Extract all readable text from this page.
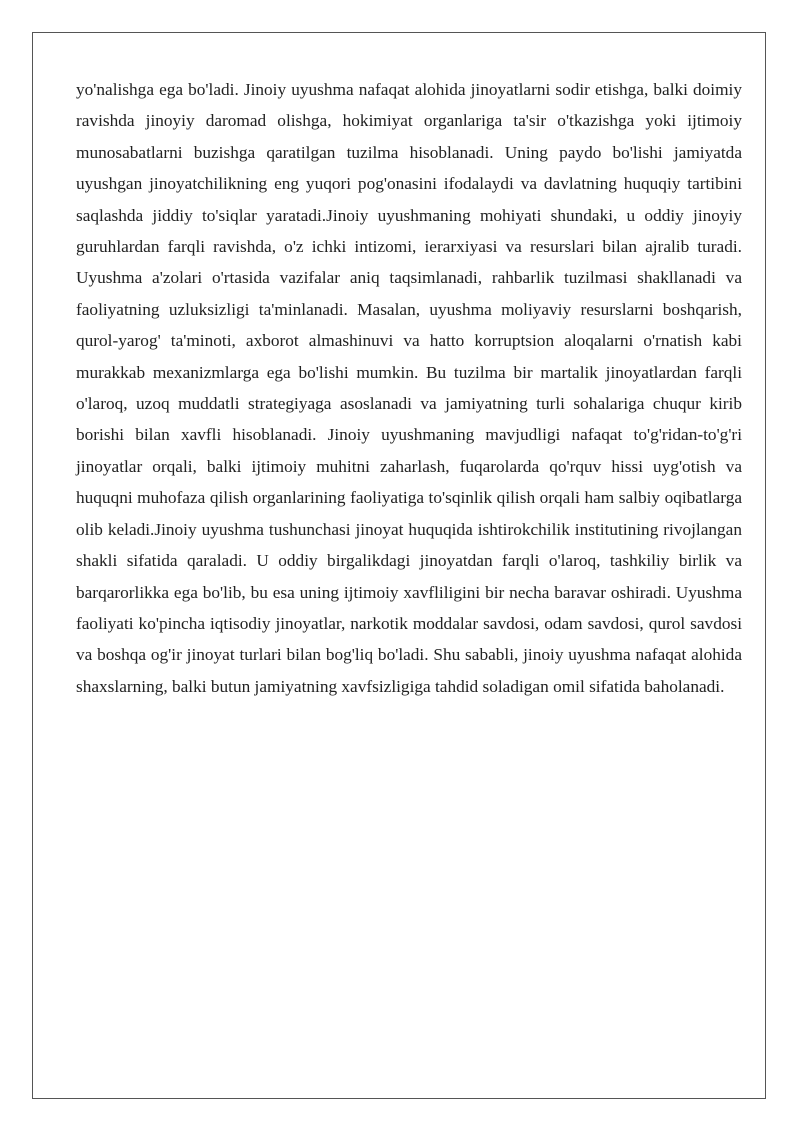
yo'nalishga ega bo'ladi. Jinoiy uyushma nafaqat alohida jinoyatlarni sodir etishga, balki doimiy ravishda jinoyiy daromad olishga, hokimiyat organlariga ta'sir o'tkazishga yoki ijtimoiy munosabatlarni buzishga qaratilgan tuzilma hisoblanadi. Uning paydo bo'lishi jamiyatda uyushgan jinoyatchilikning eng yuqori pog'onasini ifodalaydi va davlatning huquqiy tartibini saqlashda jiddiy to'siqlar yaratadi.Jinoiy uyushmaning mohiyati shundaki, u oddiy jinoyiy guruhlardan farqli ravishda, o'z ichki intizomi, ierarxiyasi va resurslari bilan ajralib turadi. Uyushma a'zolari o'rtasida vazifalar aniq taqsimlanadi, rahbarlik tuzilmasi shakllanadi va faoliyatning uzluksizligi ta'minlanadi. Masalan, uyushma moliyaviy resurslarni boshqarish, qurol-yarog' ta'minoti, axborot almashinuvi va hatto korruptsion aloqalarni o'rnatish kabi murakkab mexanizmlarga ega bo'lishi mumkin. Bu tuzilma bir martalik jinoyatlardan farqli o'laroq, uzoq muddatli strategiyaga asoslanadi va jamiyatning turli sohalariga chuqur kirib borishi bilan xavfli hisoblanadi. Jinoiy uyushmaning mavjudligi nafaqat to'g'ridan-to'g'ri jinoyatlar orqali, balki ijtimoiy muhitni zaharlash, fuqarolarda qo'rquv hissi uyg'otish va huquqni muhofaza qilish organlarining faoliyatiga to'sqinlik qilish orqali ham salbiy oqibatlarga olib keladi.Jinoiy uyushma tushunchasi jinoyat huquqida ishtirokchilik institutining rivojlangan shakli sifatida qaraladi. U oddiy birgalikdagi jinoyatdan farqli o'laroq, tashkiliy birlik va barqarorlikka ega bo'lib, bu esa uning ijtimoiy xavfliligini bir necha baravar oshiradi. Uyushma faoliyati ko'pincha iqtisodiy jinoyatlar, narkotik moddalar savdosi, odam savdosi, qurol savdosi va boshqa og'ir jinoyat turlari bilan bog'liq bo'ladi. Shu sababli, jinoiy uyushma nafaqat alohida shaxslarning, balki butun jamiyatning xavfsizligiga tahdid soladigan omil sifatida baholanadi.
